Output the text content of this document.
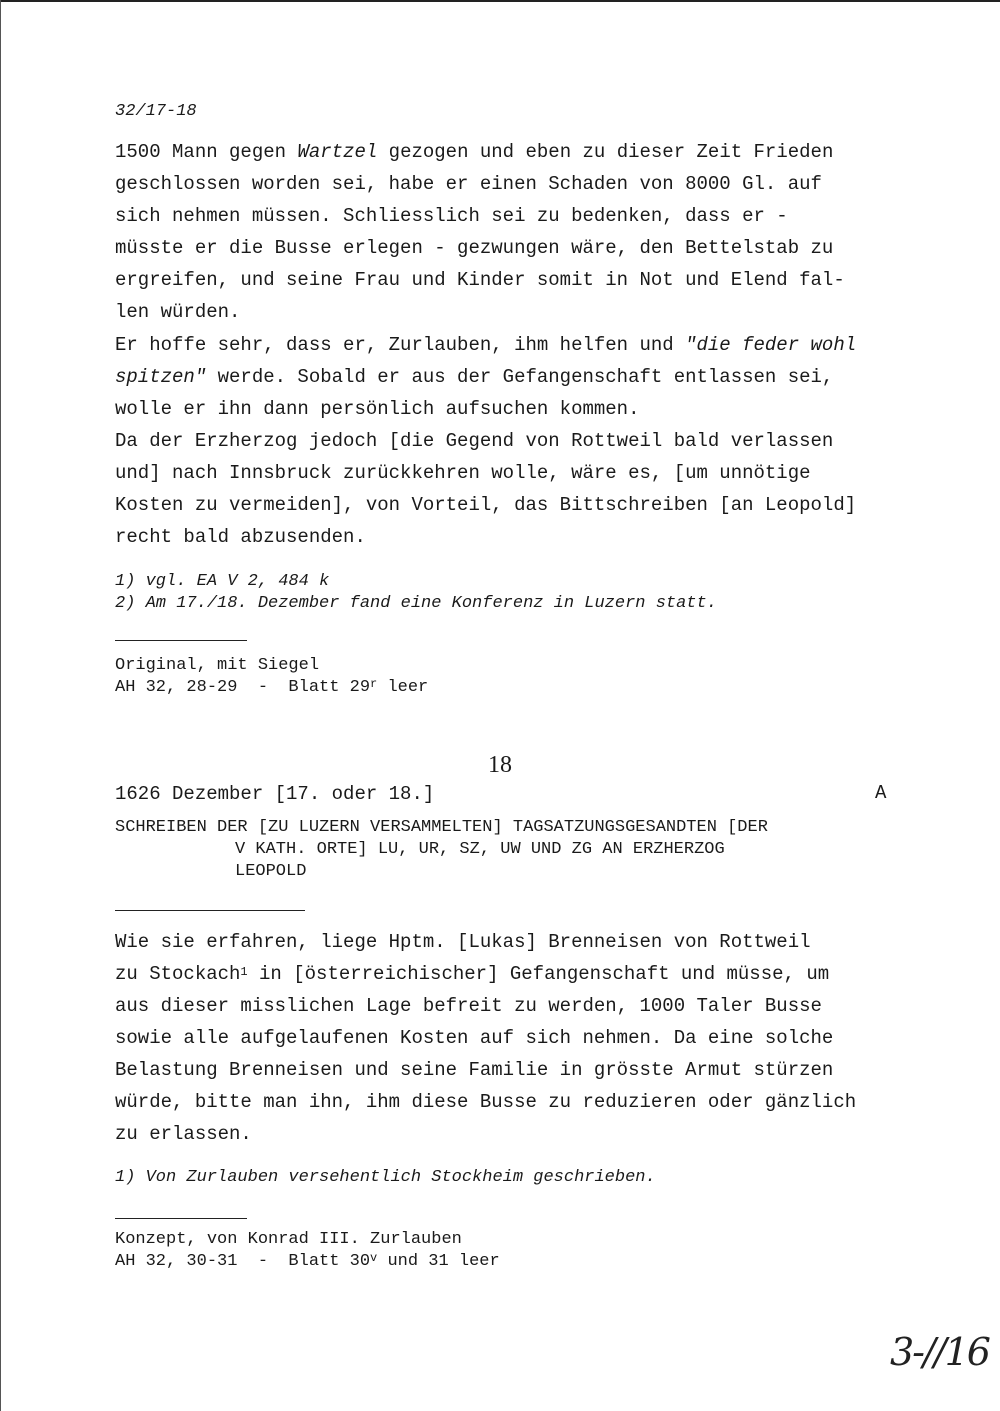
32/17-18
1500 Mann gegen Wartzel gezogen und eben zu dieser Zeit Frieden
geschlossen worden sei, habe er einen Schaden von 8000 Gl. auf
sich nehmen müssen. Schliesslich sei zu bedenken, dass er -
müsste er die Busse erlegen - gezwungen wäre, den Bettelstab zu
ergreifen, und seine Frau und Kinder somit in Not und Elend fal-
len würden.
Er hoffe sehr, dass er, Zurlauben, ihm helfen und "die feder wohl
spitzen" werde. Sobald er aus der Gefangenschaft entlassen sei,
wolle er ihn dann persönlich aufsuchen kommen.
Da der Erzherzog jedoch [die Gegend von Rottweil bald verlassen
und] nach Innsbruck zurückkehren wolle, wäre es, [um unnötige
Kosten zu vermeiden], von Vorteil, das Bittschreiben [an Leopold]
recht bald abzusenden.
1) vgl. EA V 2, 484 k
2) Am 17./18. Dezember fand eine Konferenz in Luzern statt.
Original, mit Siegel
AH 32, 28-29  -  Blatt 29$^r$ leer
18
1626 Dezember [17. oder 18.]	A
SCHREIBEN DER [ZU LUZERN VERSAMMELTEN] TAGSATZUNGSGESANDTEN [DER
V KATH. ORTE] LU, UR, SZ, UW UND ZG AN ERZHERZOG
LEOPOLD
Wie sie erfahren, liege Hptm. [Lukas] Brenneisen von Rottweil
zu Stockach$^1$ in [österreichischer] Gefangenschaft und müsse, um
aus dieser misslichen Lage befreit zu werden, 1000 Taler Busse
sowie alle aufgelaufenen Kosten auf sich nehmen. Da eine solche
Belastung Brenneisen und seine Familie in grösste Armut stürzen
würde, bitte man ihn, ihm diese Busse zu reduzieren oder gänzlich
zu erlassen.
1) Von Zurlauben versehentlich Stockheim geschrieben.
Konzept, von Konrad III. Zurlauben
AH 32, 30-31  -  Blatt 30$^v$ und 31 leer
3-//16
